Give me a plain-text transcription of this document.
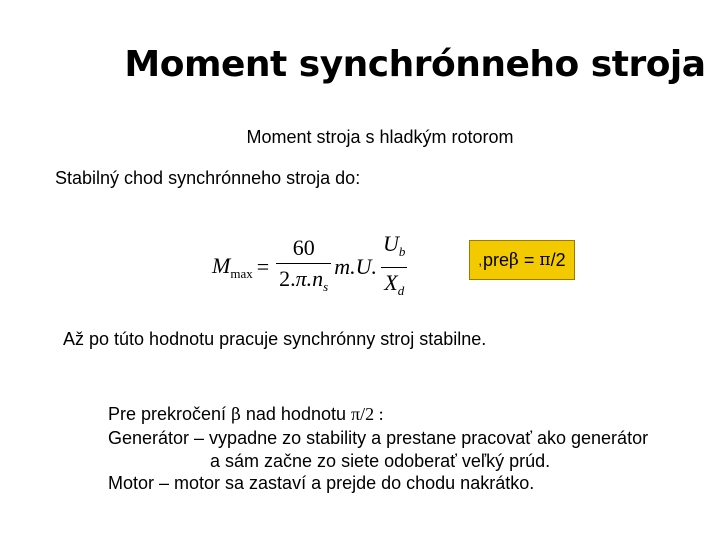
Moment synchrónneho stroja
Moment stroja s hladkým rotorom
Stabilný chod synchrónneho stroja do:
$M_{max} = \frac{60}{2.\pi.n_s} m.U$. $\frac{U_b}{X_d}$	, pre β = π /2
Až po túto hodnotu pracuje synchrónny stroj stabilne.
Pre prekročení β nad hodnotu π/2 :
Generátor – vypadne zo stability a prestane pracovať ako generátor
a sám začne zo siete odoberať veľký prúd.
Motor – motor sa zastaví a prejde do chodu nakrátko.
